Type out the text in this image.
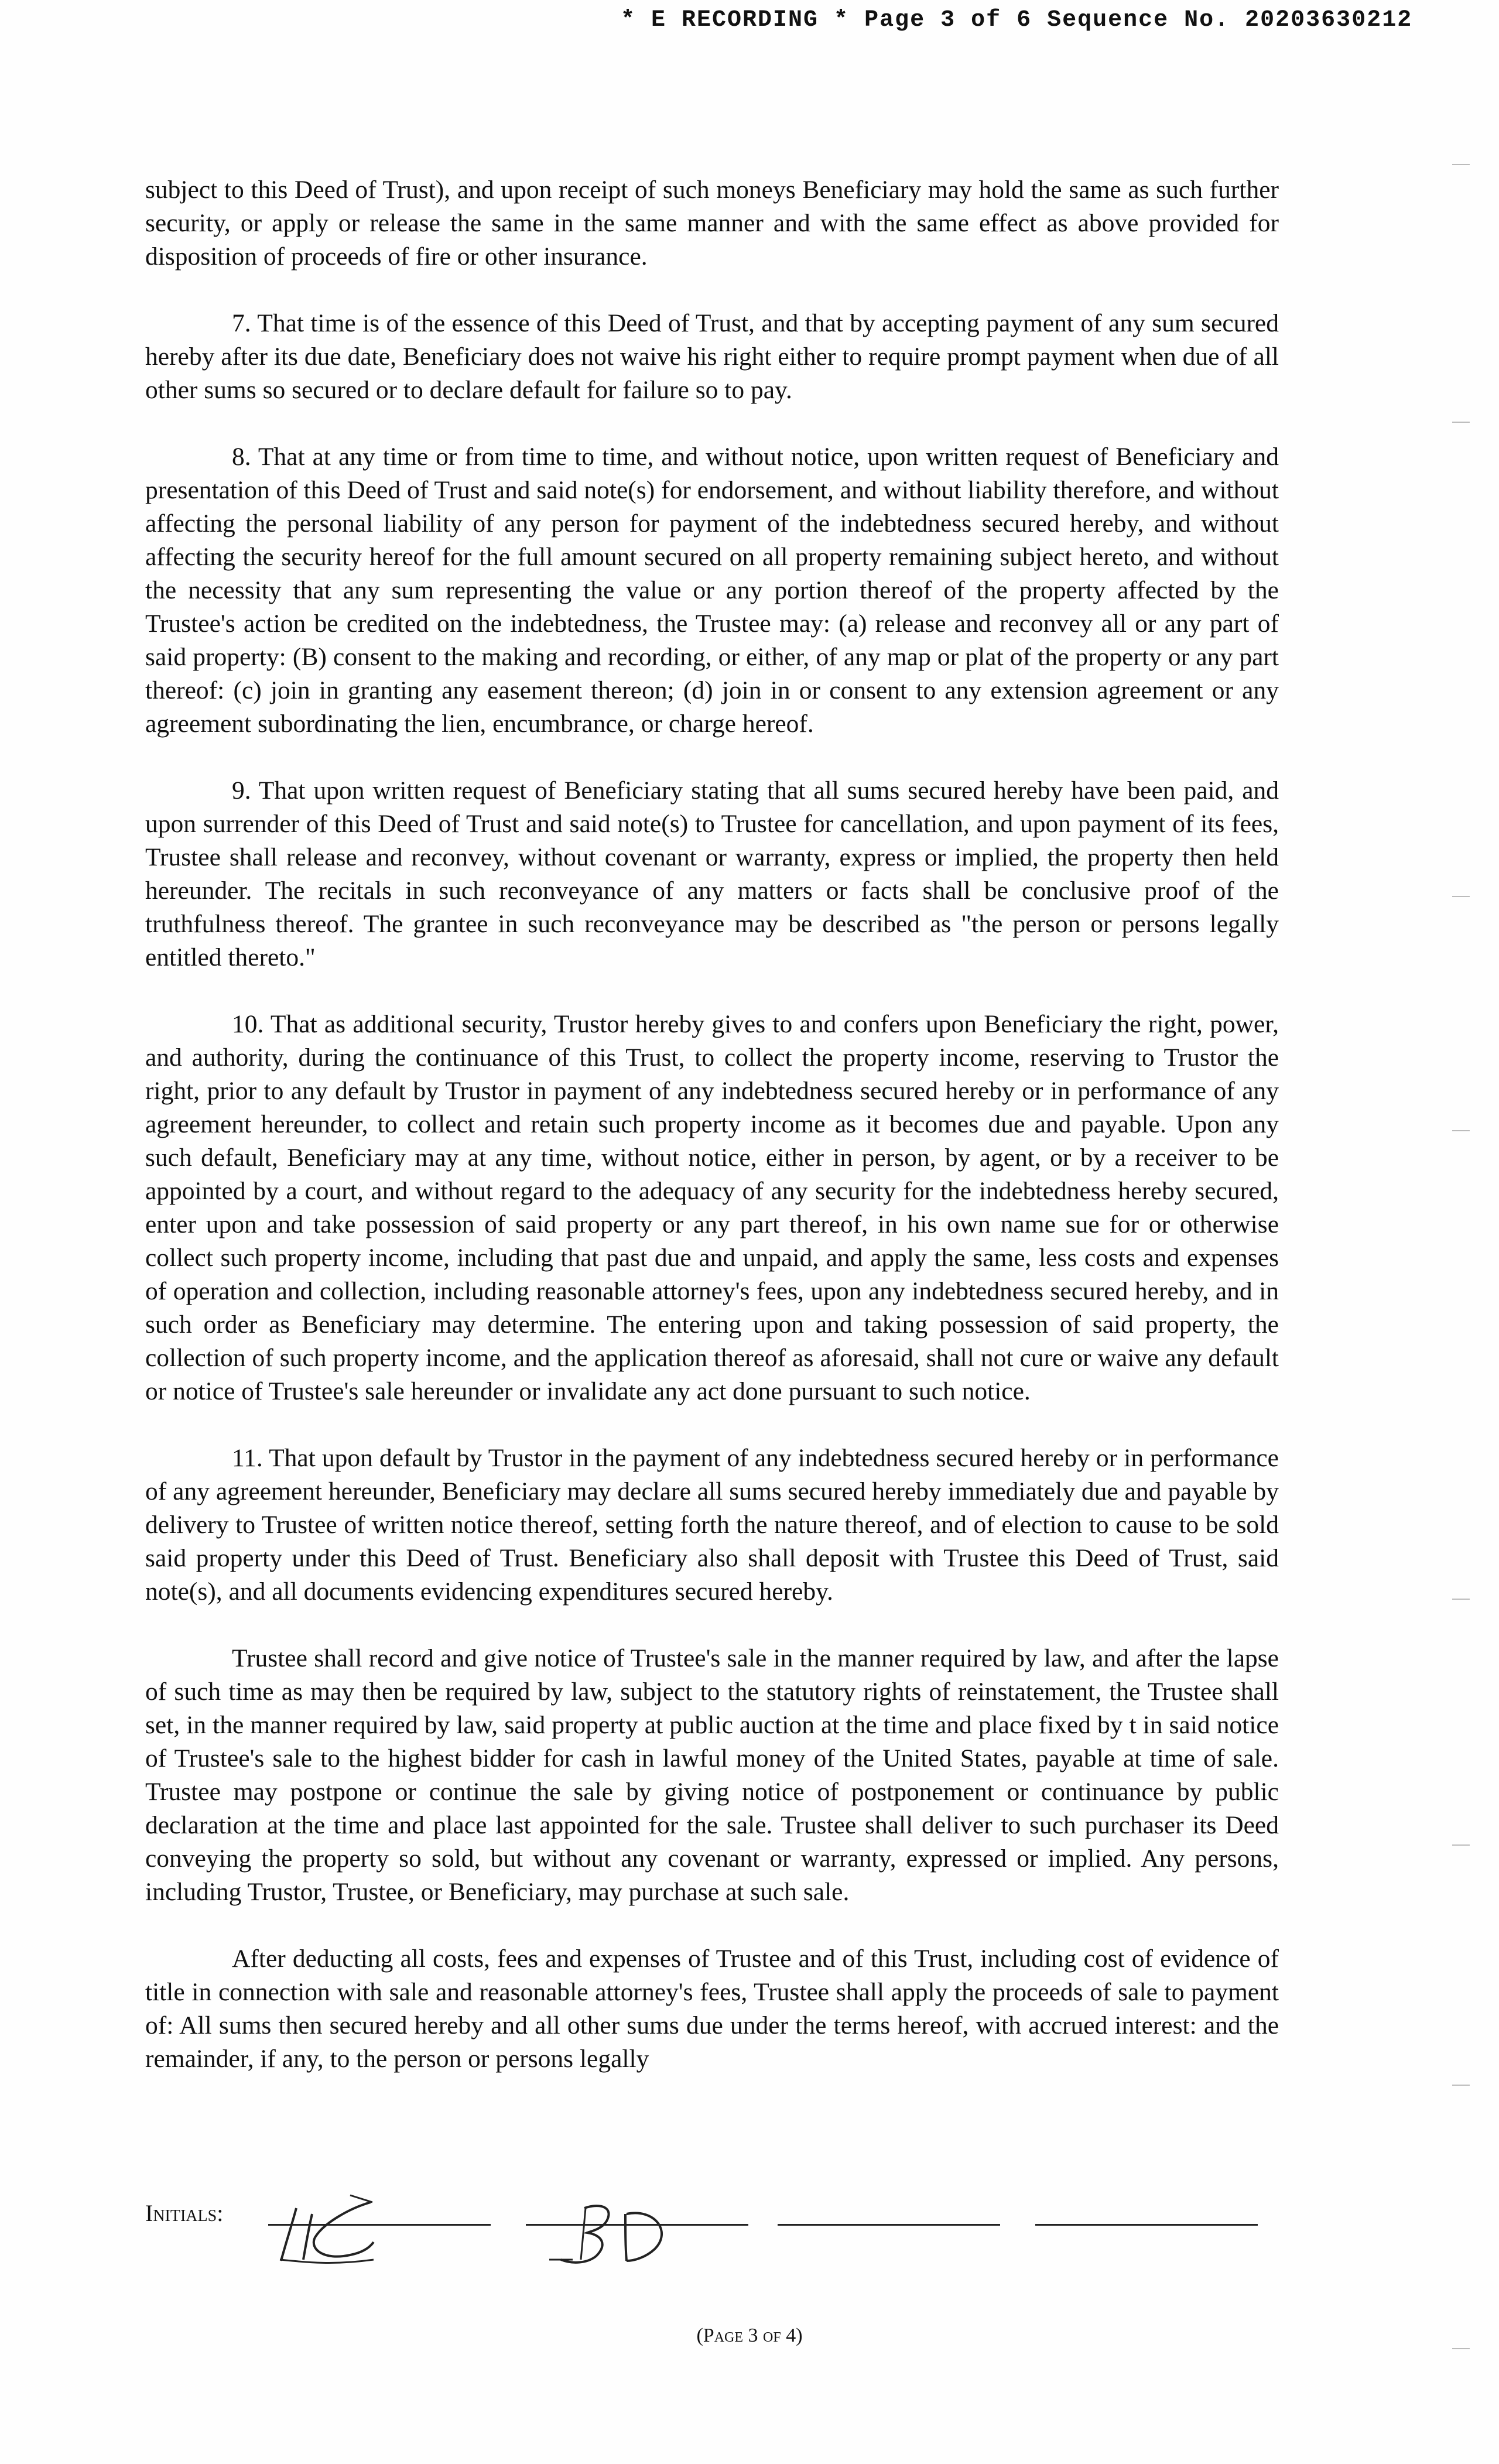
* E RECORDING * Page 3 of 6 Sequence No. 20203630212

subject to this Deed of Trust), and upon receipt of such moneys Beneficiary may hold the same as such further security, or apply or release the same in the same manner and with the same effect as above provided for disposition of proceeds of fire or other insurance.

7. That time is of the essence of this Deed of Trust, and that by accepting payment of any sum secured hereby after its due date, Beneficiary does not waive his right either to require prompt payment when due of all other sums so secured or to declare default for failure so to pay.

8. That at any time or from time to time, and without notice, upon written request of Beneficiary and presentation of this Deed of Trust and said note(s) for endorsement, and without liability therefore, and without affecting the personal liability of any person for payment of the indebtedness secured hereby, and without affecting the security hereof for the full amount secured on all property remaining subject hereto, and without the necessity that any sum representing the value or any portion thereof of the property affected by the Trustee's action be credited on the indebtedness, the Trustee may: (a) release and reconvey all or any part of said property: (B) consent to the making and recording, or either, of any map or plat of the property or any part thereof: (c) join in granting any easement thereon; (d) join in or consent to any extension agreement or any agreement subordinating the lien, encumbrance, or charge hereof.

9. That upon written request of Beneficiary stating that all sums secured hereby have been paid, and upon surrender of this Deed of Trust and said note(s) to Trustee for cancellation, and upon payment of its fees, Trustee shall release and reconvey, without covenant or warranty, express or implied, the property then held hereunder. The recitals in such reconveyance of any matters or facts shall be conclusive proof of the truthfulness thereof. The grantee in such reconveyance may be described as "the person or persons legally entitled thereto."

10. That as additional security, Trustor hereby gives to and confers upon Beneficiary the right, power, and authority, during the continuance of this Trust, to collect the property income, reserving to Trustor the right, prior to any default by Trustor in payment of any indebtedness secured hereby or in performance of any agreement hereunder, to collect and retain such property income as it becomes due and payable. Upon any such default, Beneficiary may at any time, without notice, either in person, by agent, or by a receiver to be appointed by a court, and without regard to the adequacy of any security for the indebtedness hereby secured, enter upon and take possession of said property or any part thereof, in his own name sue for or otherwise collect such property income, including that past due and unpaid, and apply the same, less costs and expenses of operation and collection, including reasonable attorney's fees, upon any indebtedness secured hereby, and in such order as Beneficiary may determine. The entering upon and taking possession of said property, the collection of such property income, and the application thereof as aforesaid, shall not cure or waive any default or notice of Trustee's sale hereunder or invalidate any act done pursuant to such notice.

11. That upon default by Trustor in the payment of any indebtedness secured hereby or in performance of any agreement hereunder, Beneficiary may declare all sums secured hereby immediately due and payable by delivery to Trustee of written notice thereof, setting forth the nature thereof, and of election to cause to be sold said property under this Deed of Trust. Beneficiary also shall deposit with Trustee this Deed of Trust, said note(s), and all documents evidencing expenditures secured hereby.

Trustee shall record and give notice of Trustee's sale in the manner required by law, and after the lapse of such time as may then be required by law, subject to the statutory rights of reinstatement, the Trustee shall set, in the manner required by law, said property at public auction at the time and place fixed by t in said notice of Trustee's sale to the highest bidder for cash in lawful money of the United States, payable at time of sale. Trustee may postpone or continue the sale by giving notice of postponement or continuance by public declaration at the time and place last appointed for the sale. Trustee shall deliver to such purchaser its Deed conveying the property so sold, but without any covenant or warranty, expressed or implied. Any persons, including Trustor, Trustee, or Beneficiary, may purchase at such sale.

After deducting all costs, fees and expenses of Trustee and of this Trust, including cost of evidence of title in connection with sale and reasonable attorney's fees, Trustee shall apply the proceeds of sale to payment of: All sums then secured hereby and all other sums due under the terms hereof, with accrued interest: and the remainder, if any, to the person or persons legally

Initials:
(Page 3 of 4)
